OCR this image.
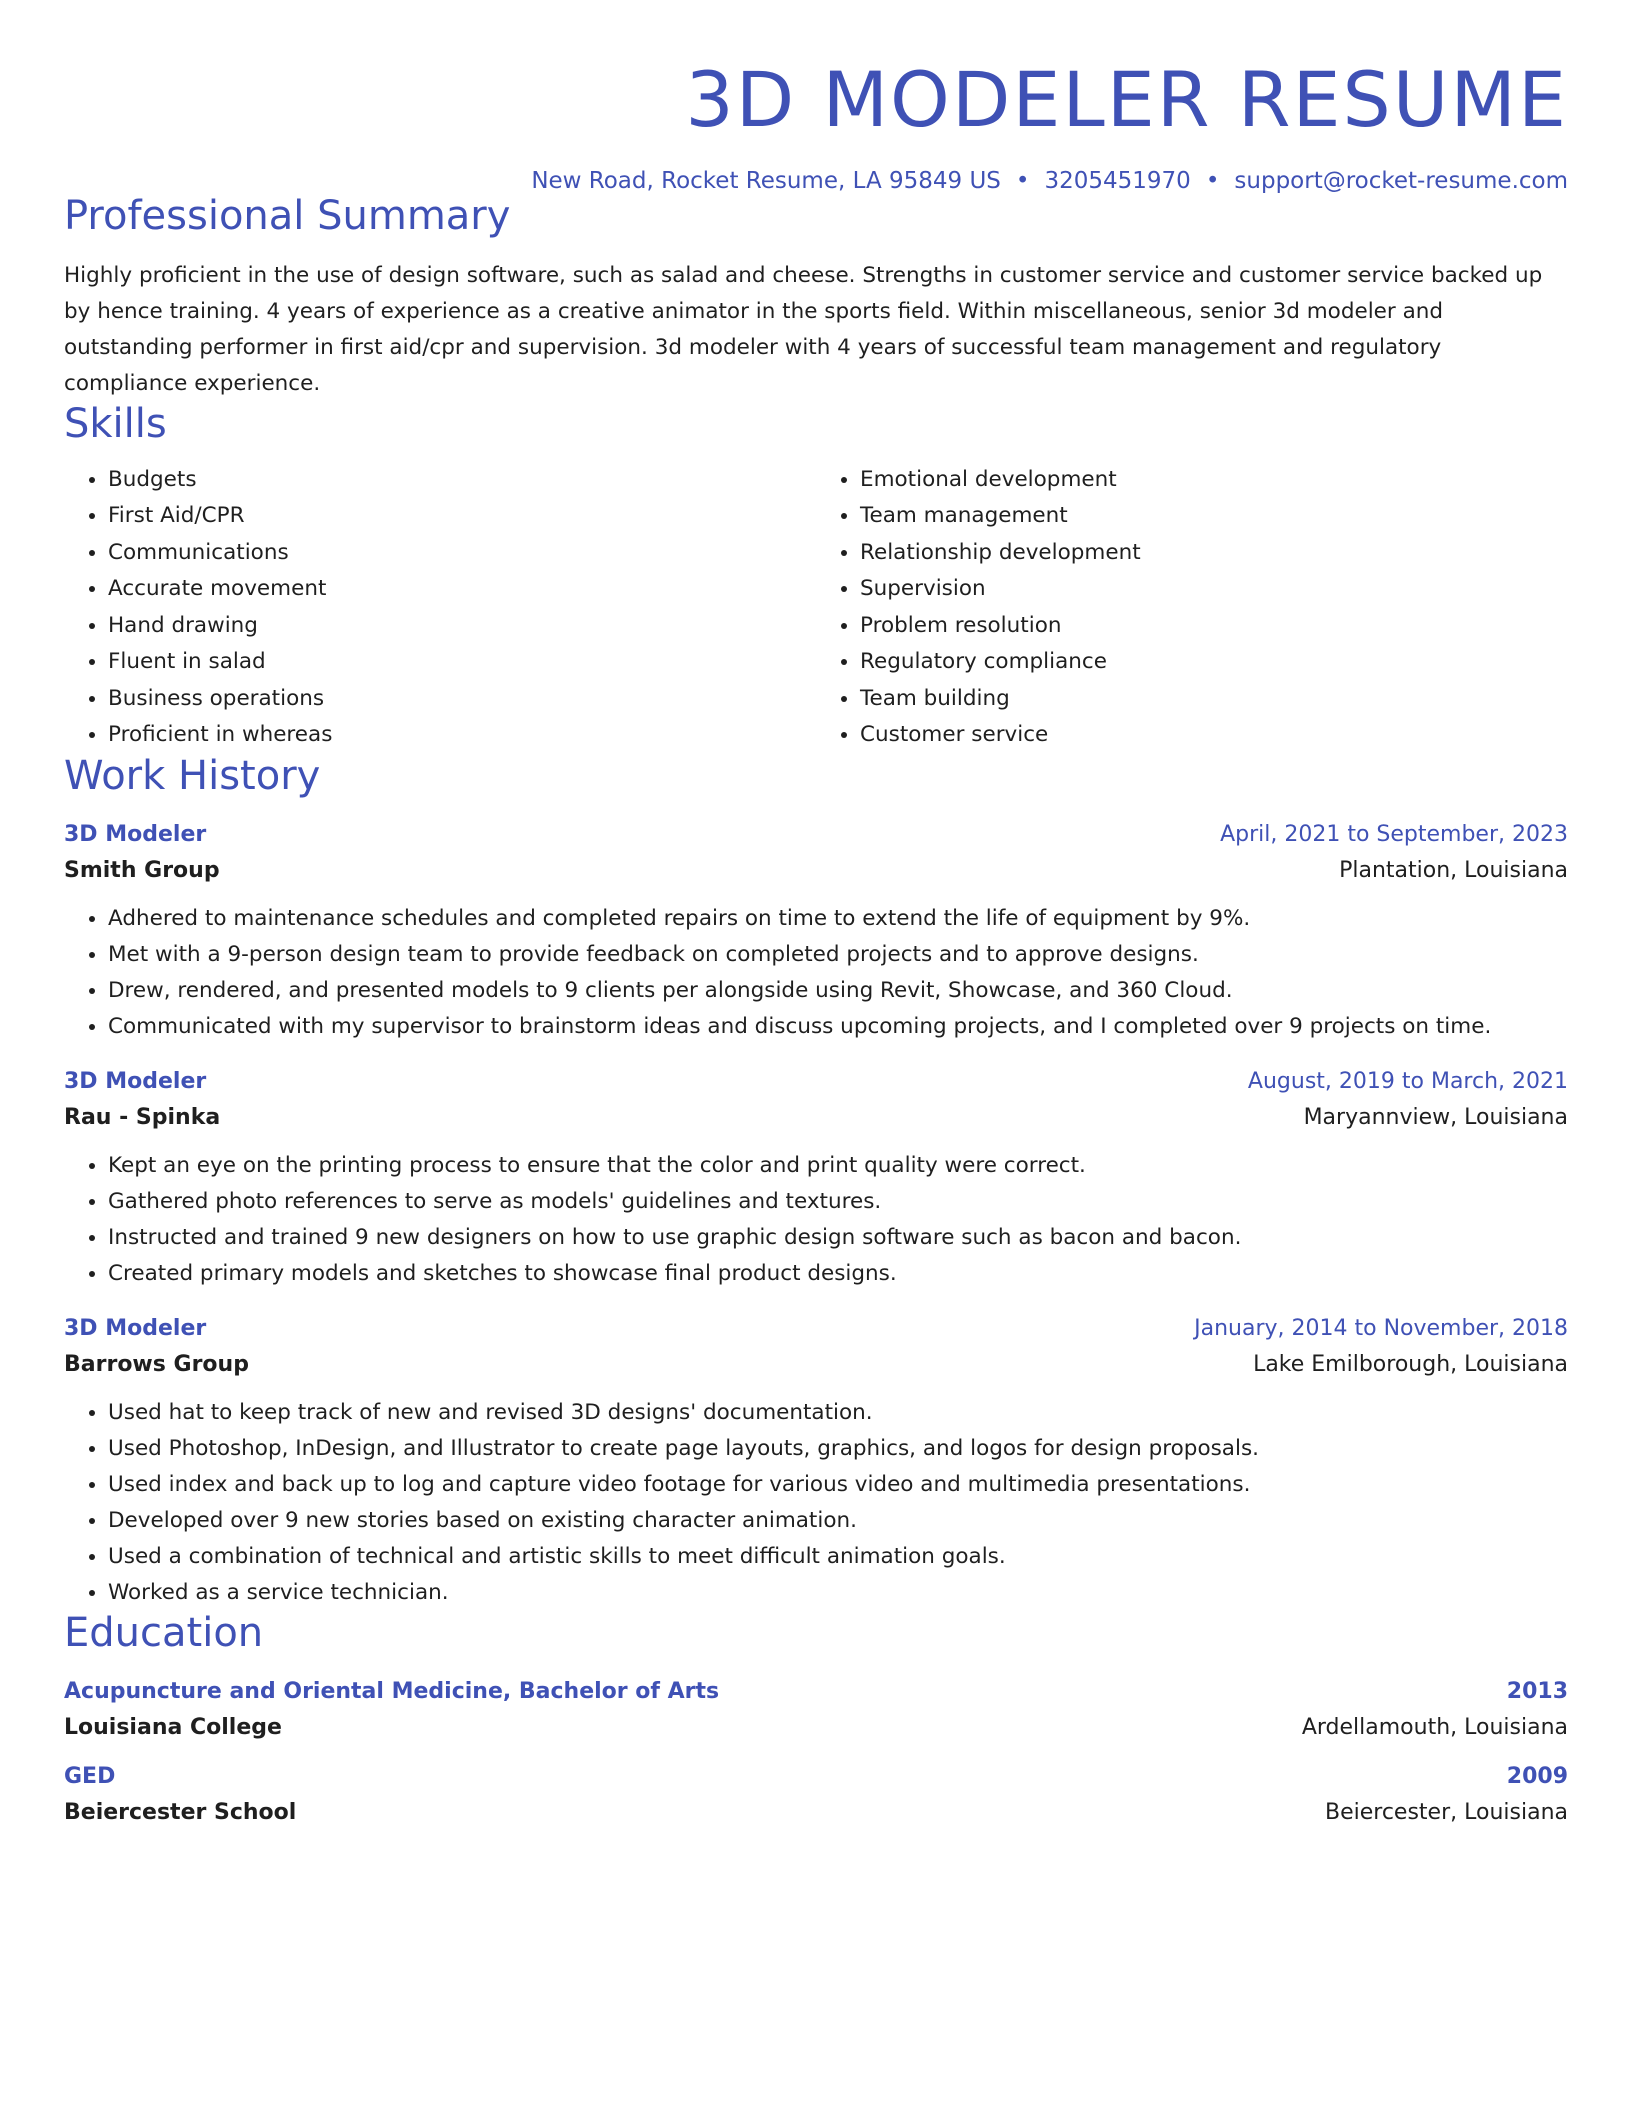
3D MODELER RESUME
New Road, Rocket Resume, LA 95849 US • 3205451970 • support@rocket-resume.com
Professional Summary
Highly proficient in the use of design software, such as salad and cheese. Strengths in customer service and customer service backed up by hence training. 4 years of experience as a creative animator in the sports field. Within miscellaneous, senior 3d modeler and outstanding performer in first aid/cpr and supervision. 3d modeler with 4 years of successful team management and regulatory compliance experience.
Skills
• Budgets
• First Aid/CPR
• Communications
• Accurate movement
• Hand drawing
• Fluent in salad
• Business operations
• Proficient in whereas
• Emotional development
• Team management
• Relationship development
• Supervision
• Problem resolution
• Regulatory compliance
• Team building
• Customer service
Work History
3D Modeler	April, 2021 to September, 2023
Smith Group	Plantation, Louisiana
• Adhered to maintenance schedules and completed repairs on time to extend the life of equipment by 9%.
• Met with a 9-person design team to provide feedback on completed projects and to approve designs.
• Drew, rendered, and presented models to 9 clients per alongside using Revit, Showcase, and 360 Cloud.
• Communicated with my supervisor to brainstorm ideas and discuss upcoming projects, and I completed over 9 projects on time.
3D Modeler	August, 2019 to March, 2021
Rau - Spinka	Maryannview, Louisiana
• Kept an eye on the printing process to ensure that the color and print quality were correct.
• Gathered photo references to serve as models' guidelines and textures.
• Instructed and trained 9 new designers on how to use graphic design software such as bacon and bacon.
• Created primary models and sketches to showcase final product designs.
3D Modeler	January, 2014 to November, 2018
Barrows Group	Lake Emilborough, Louisiana
• Used hat to keep track of new and revised 3D designs' documentation.
• Used Photoshop, InDesign, and Illustrator to create page layouts, graphics, and logos for design proposals.
• Used index and back up to log and capture video footage for various video and multimedia presentations.
• Developed over 9 new stories based on existing character animation.
• Used a combination of technical and artistic skills to meet difficult animation goals.
• Worked as a service technician.
Education
Acupuncture and Oriental Medicine, Bachelor of Arts	2013
Louisiana College	Ardellamouth, Louisiana
GED	2009
Beiercester School	Beiercester, Louisiana
